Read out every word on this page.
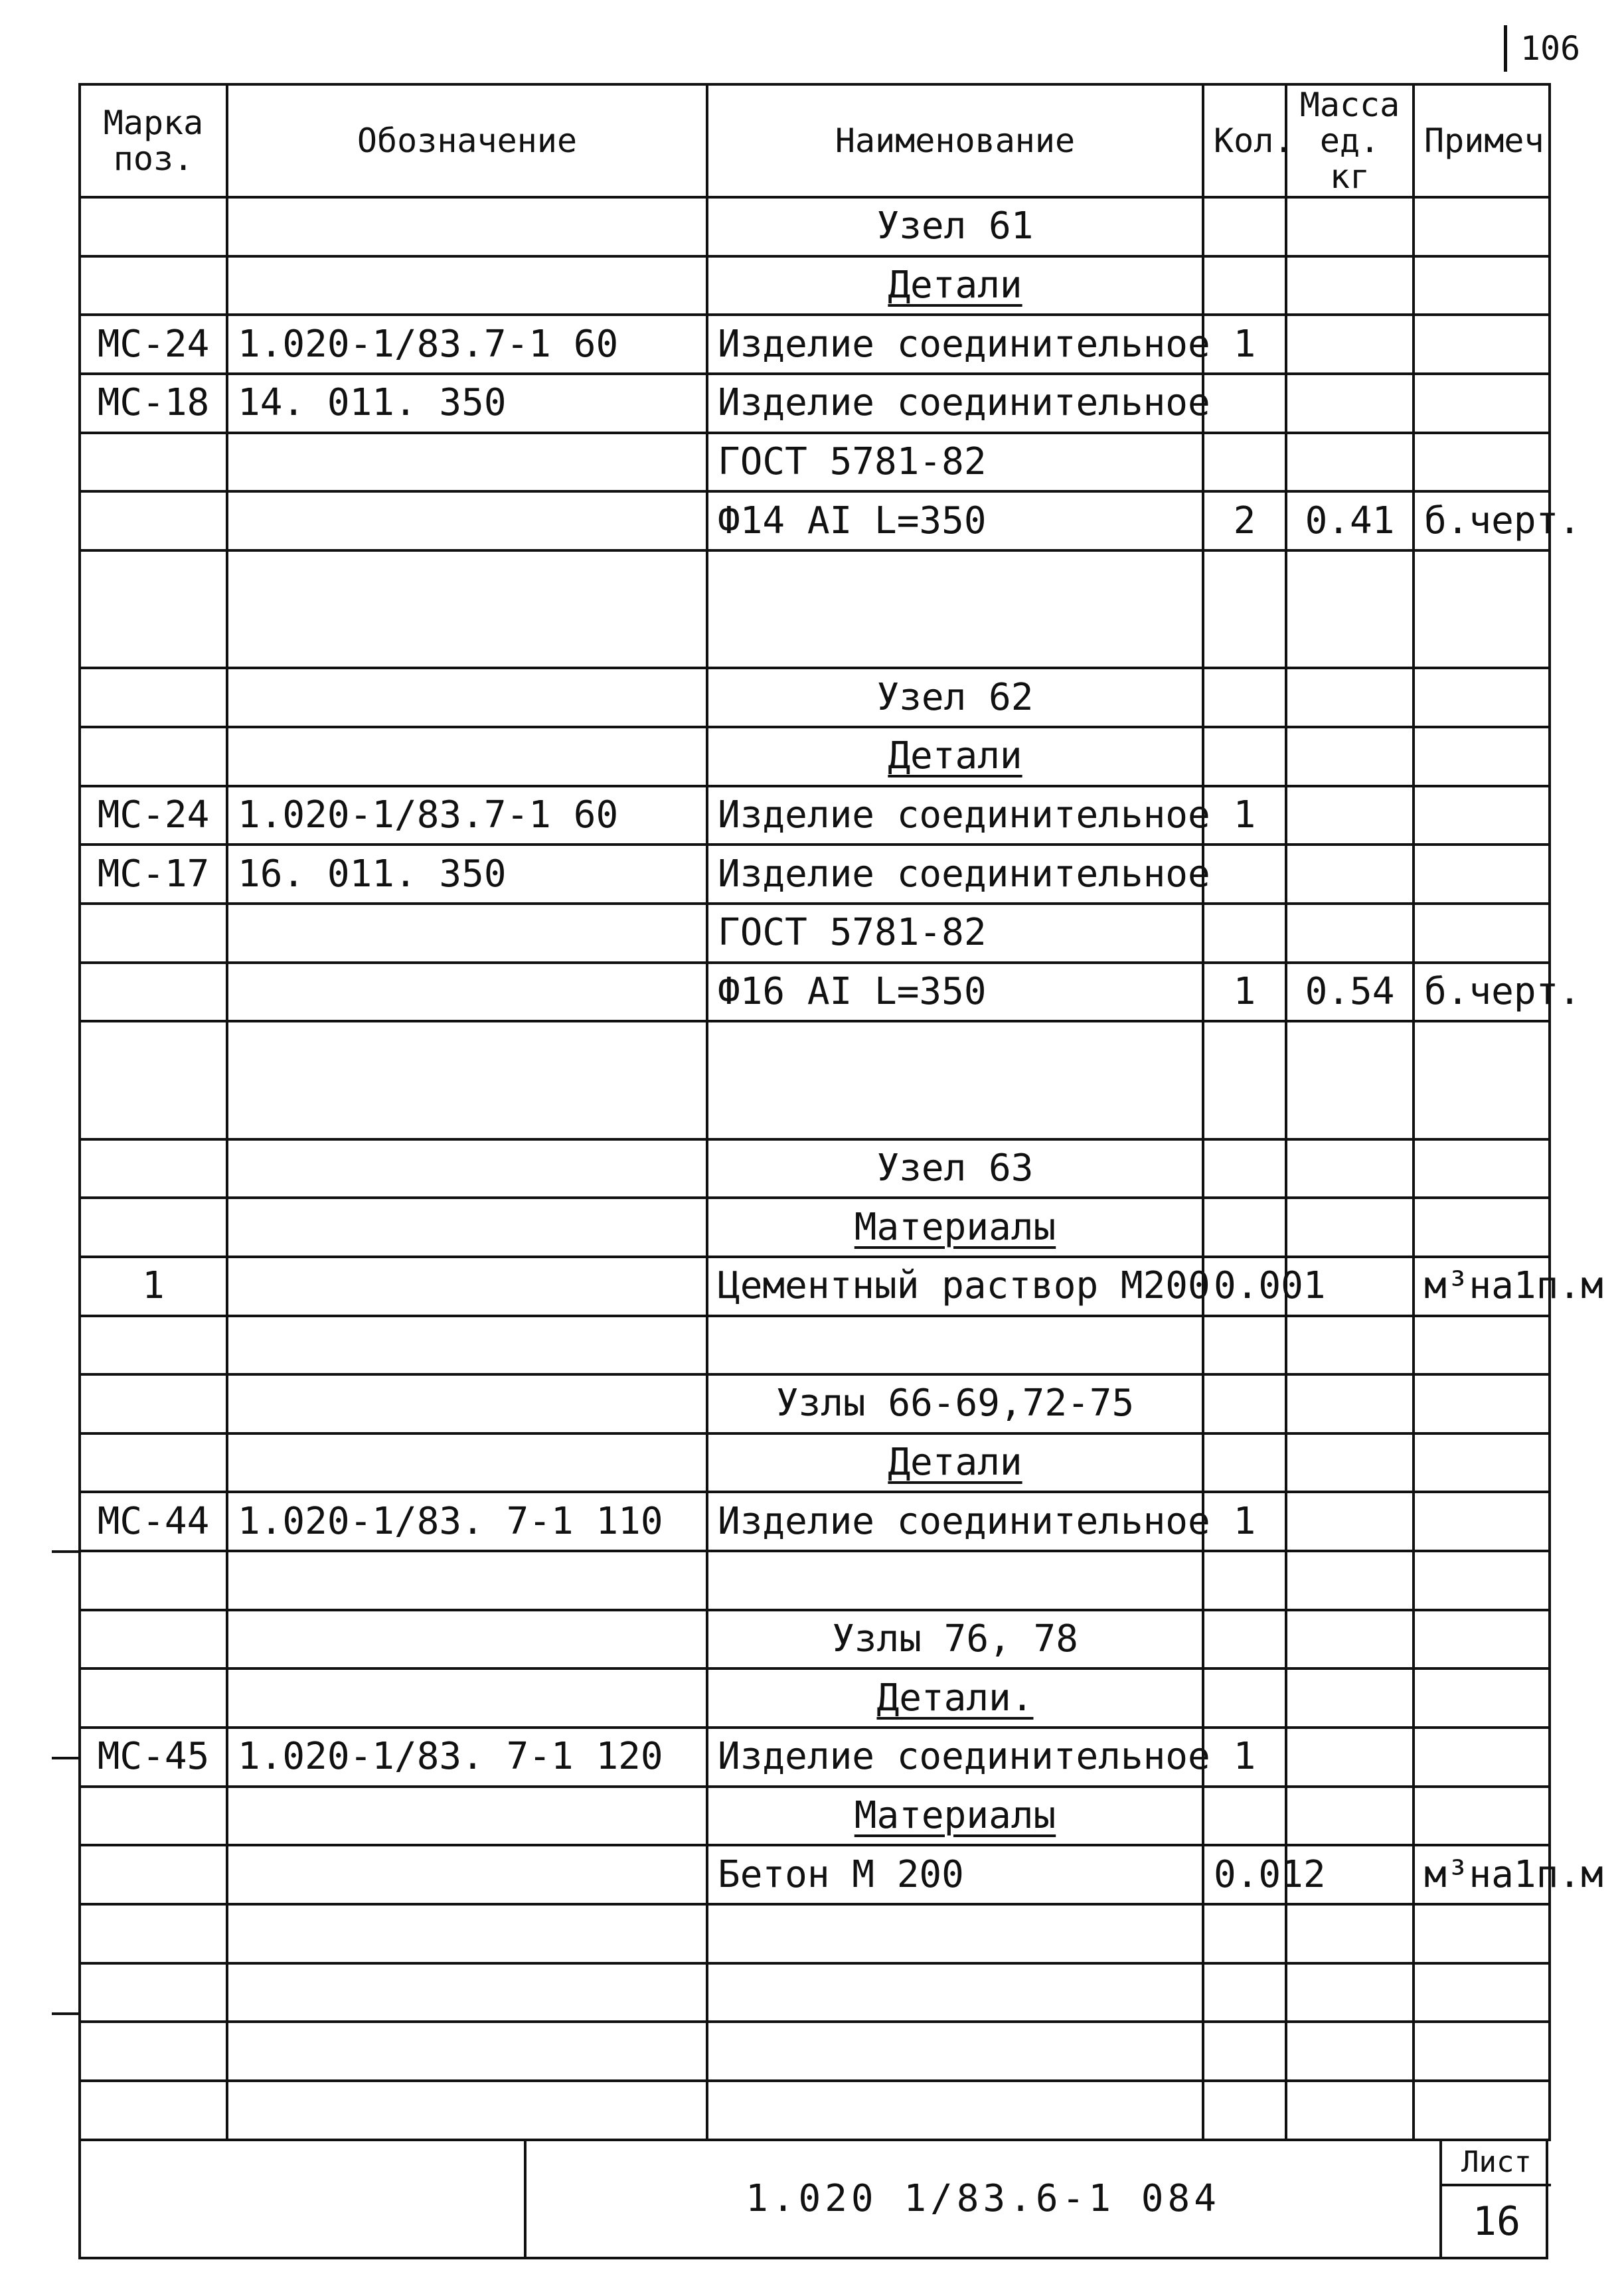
106
Марка поз.	Обозначение	Наименование	Кол.	Масса ед. кг	Примеч
		Узел 61			
		Детали			
МС-24	1.020-1/83.7-1 60	Изделие соединительное	1		
МС-18	14. 011. 350	Изделие соединительное			
		ГОСТ 5781-82			
		Ф14 AI L=350	2	0.41	б.черт.

		Узел 62			
		Детали			
МС-24	1.020-1/83.7-1 60	Изделие соединительное	1		
МС-17	16. 011. 350	Изделие соединительное			
		ГОСТ 5781-82			
		Ф16 AI L=350	1	0.54	б.черт.

		Узел 63			
		Материалы			
1		Цементный раствор М200	0.001		м³на1п.м

		Узлы 66-69,72-75			
		Детали			
МС-44	1.020-1/83. 7-1 110	Изделие соединительное	1		

		Узлы 76, 78			
		Детали.			
МС-45	1.020-1/83. 7-1 120	Изделие соединительное	1		
		Материалы			
		Бетон М 200	0.012		м³на1п.м

1.020 1/83.6-1 084
Лист
16
